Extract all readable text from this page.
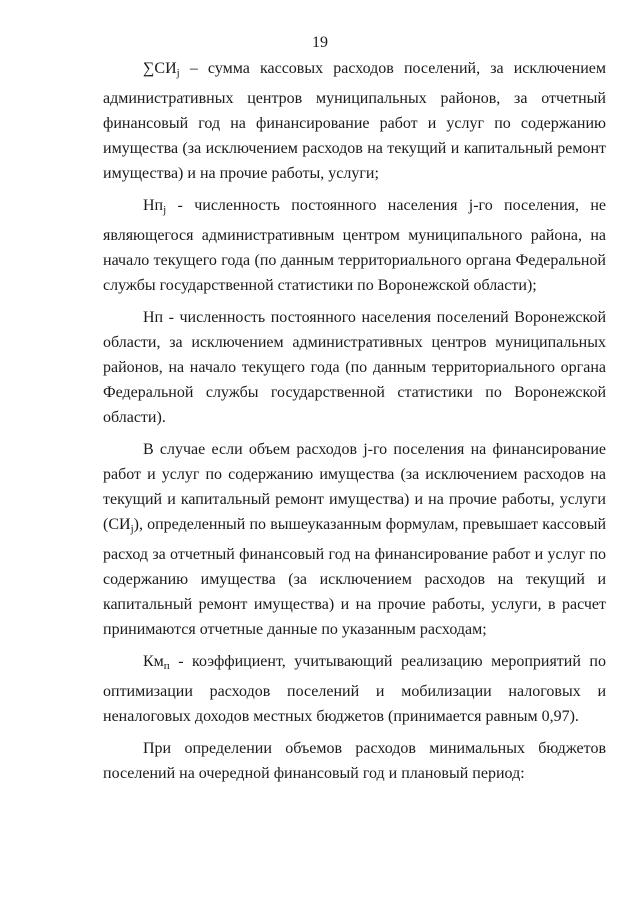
19

$\sum СИ_j$ – сумма кассовых расходов поселений, за исключением административных центров муниципальных районов, за отчетный финансовый год на финансирование работ и услуг по содержанию имущества (за исключением расходов на текущий и капитальный ремонт имущества) и на прочие работы, услуги;

$Нп_j$ - численность постоянного населения j-го поселения, не являющегося административным центром муниципального района, на начало текущего года (по данным территориального органа Федеральной службы государственной статистики по Воронежской области);

Нп - численность постоянного населения поселений Воронежской области, за исключением административных центров муниципальных районов, на начало текущего года (по данным территориального органа Федеральной службы государственной статистики по Воронежской области).

В случае если объем расходов j-го поселения на финансирование работ и услуг по содержанию имущества (за исключением расходов на текущий и капитальный ремонт имущества) и на прочие работы, услуги $(СИ_j)$, определенный по вышеуказанным формулам, превышает кассовый расход за отчетный финансовый год на финансирование работ и услуг по содержанию имущества (за исключением расходов на текущий и капитальный ремонт имущества) и на прочие работы, услуги, в расчет принимаются отчетные данные по указанным расходам;

$Км_п$ - коэффициент, учитывающий реализацию мероприятий по оптимизации расходов поселений и мобилизации налоговых и неналоговых доходов местных бюджетов (принимается равным 0,97).

При определении объемов расходов минимальных бюджетов поселений на очередной финансовый год и плановый период:
